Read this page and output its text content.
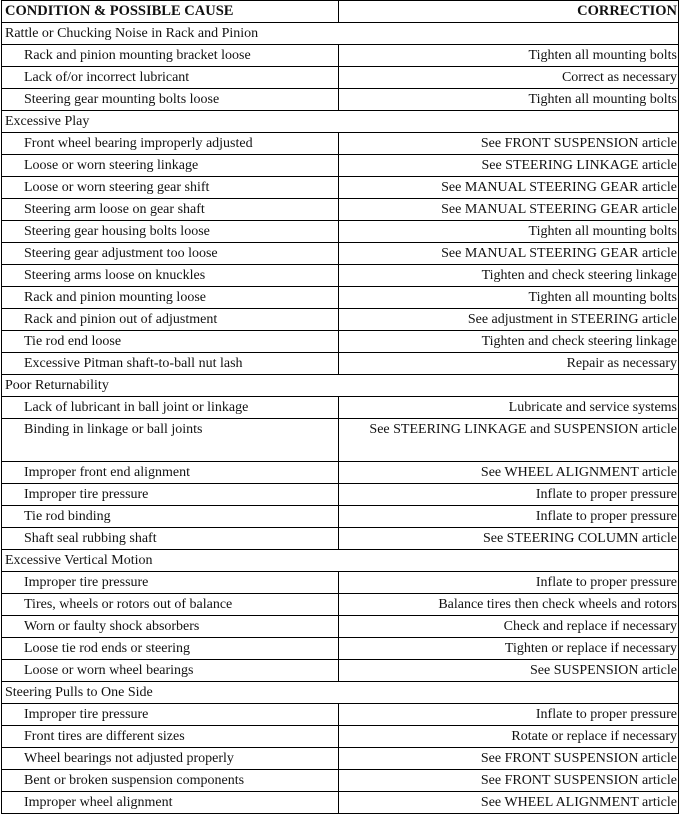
CONDITION & POSSIBLE CAUSE	CORRECTION
Rattle or Chucking Noise in Rack and Pinion	
Rack and pinion mounting bracket loose	Tighten all mounting bolts
Lack of/or incorrect lubricant	Correct as necessary
Steering gear mounting bolts loose	Tighten all mounting bolts
Excessive Play	
Front wheel bearing improperly adjusted	See FRONT SUSPENSION article
Loose or worn steering linkage	See STEERING LINKAGE article
Loose or worn steering gear shift	See MANUAL STEERING GEAR article
Steering arm loose on gear shaft	See MANUAL STEERING GEAR article
Steering gear housing bolts loose	Tighten all mounting bolts
Steering gear adjustment too loose	See MANUAL STEERING GEAR article
Steering arms loose on knuckles	Tighten and check steering linkage
Rack and pinion mounting loose	Tighten all mounting bolts
Rack and pinion out of adjustment	See adjustment in STEERING article
Tie rod end loose	Tighten and check steering linkage
Excessive Pitman shaft-to-ball nut lash	Repair as necessary
Poor Returnability	
Lack of lubricant in ball joint or linkage	Lubricate and service systems
Binding in linkage or ball joints	See STEERING LINKAGE and SUSPENSION article
Improper front end alignment	See WHEEL ALIGNMENT article
Improper tire pressure	Inflate to proper pressure
Tie rod binding	Inflate to proper pressure
Shaft seal rubbing shaft	See STEERING COLUMN article
Excessive Vertical Motion	
Improper tire pressure	Inflate to proper pressure
Tires, wheels or rotors out of balance	Balance tires then check wheels and rotors
Worn or faulty shock absorbers	Check and replace if necessary
Loose tie rod ends or steering	Tighten or replace if necessary
Loose or worn wheel bearings	See SUSPENSION article
Steering Pulls to One Side	
Improper tire pressure	Inflate to proper pressure
Front tires are different sizes	Rotate or replace if necessary
Wheel bearings not adjusted properly	See FRONT SUSPENSION article
Bent or broken suspension components	See FRONT SUSPENSION article
Improper wheel alignment	See WHEEL ALIGNMENT article
